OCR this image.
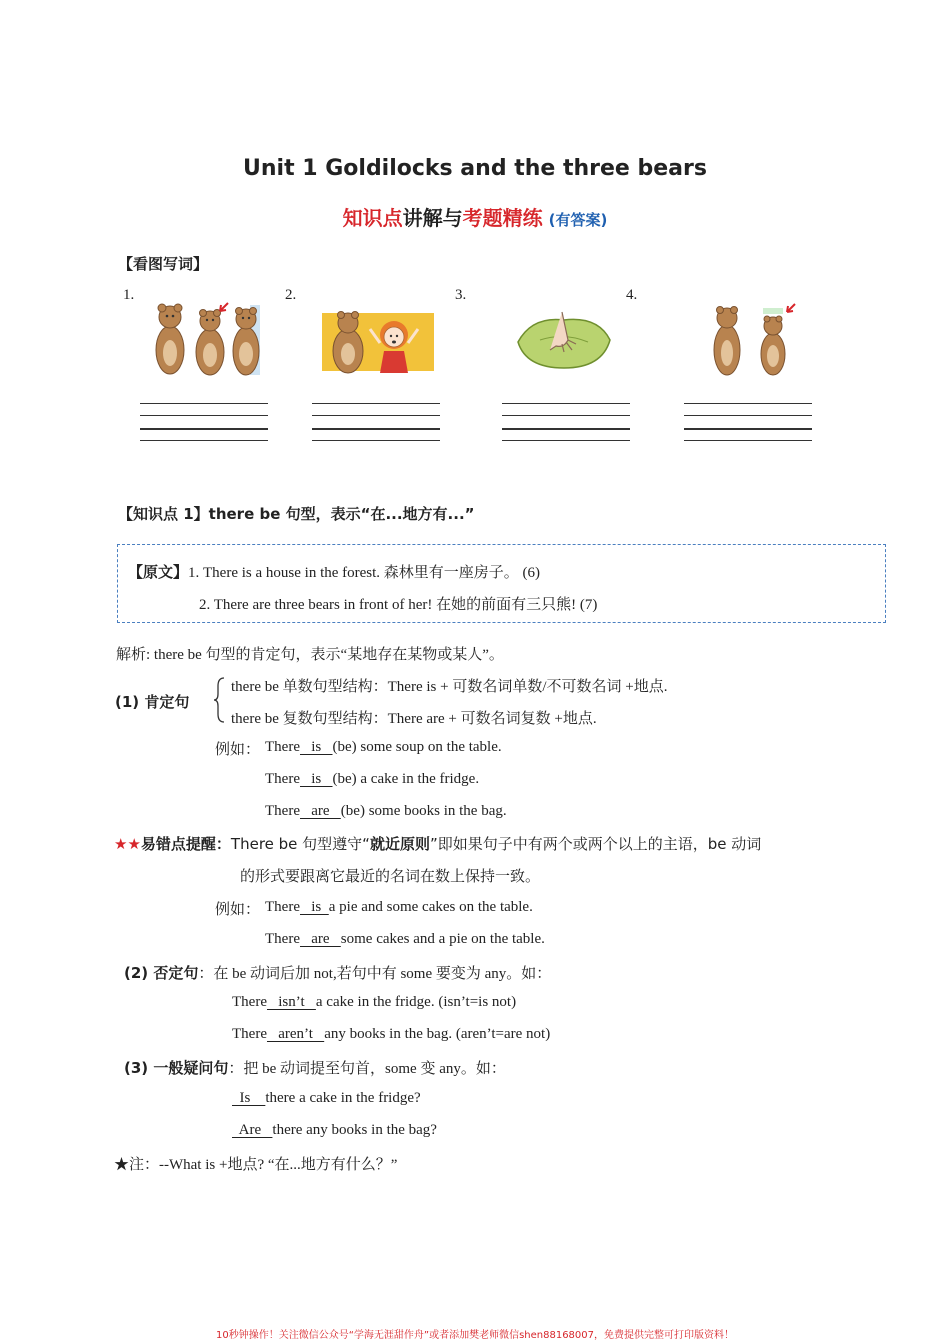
Unit 1 Goldilocks and the three bears
知识点讲解与考题精练 (有答案)
【看图写词】
1.	2.	3.	4.
【知识点 1】there be 句型，表示“在...地方有...”
【原文】1. There is a house in the forest. 森林里有一座房子。 (6)
2. There are three bears in front of her! 在她的前面有三只熊! (7)
解析: there be 句型的肯定句，表示“某地存在某物或某人”。
(1) 肯定句
there be 单数句型结构：There is + 可数名词单数/不可数名词 +地点.
there be 复数句型结构：There are + 可数名词复数 +地点.
例如： There   is   (be) some soup on the table.
There   is   (be) a cake in the fridge.
There   are   (be) some books in the bag.
★★易错点提醒：There be 句型遵守“就近原则”即如果句子中有两个或两个以上的主语，be 动词
的形式要跟离它最近的名词在数上保持一致。
例如： There   is  a pie and some cakes on the table.
There   are   some cakes and a pie on the table.
(2) 否定句：在 be 动词后加 not,若句中有 some 要变为 any。如：
There   isn’t   a cake in the fridge. (isn’t=is not)
There   aren’t   any books in the bag. (aren’t=are not)
(3) 一般疑问句：把 be 动词提至句首，some 变 any。如：
Is    there a cake in the fridge?
Are   there any books in the bag?
★注：--What is +地点? “在...地方有什么？”
10秒钟操作！关注微信公众号“学海无涯甜作舟”或者添加樊老师微信shen88168007，免费提供完整可打印版资料！
